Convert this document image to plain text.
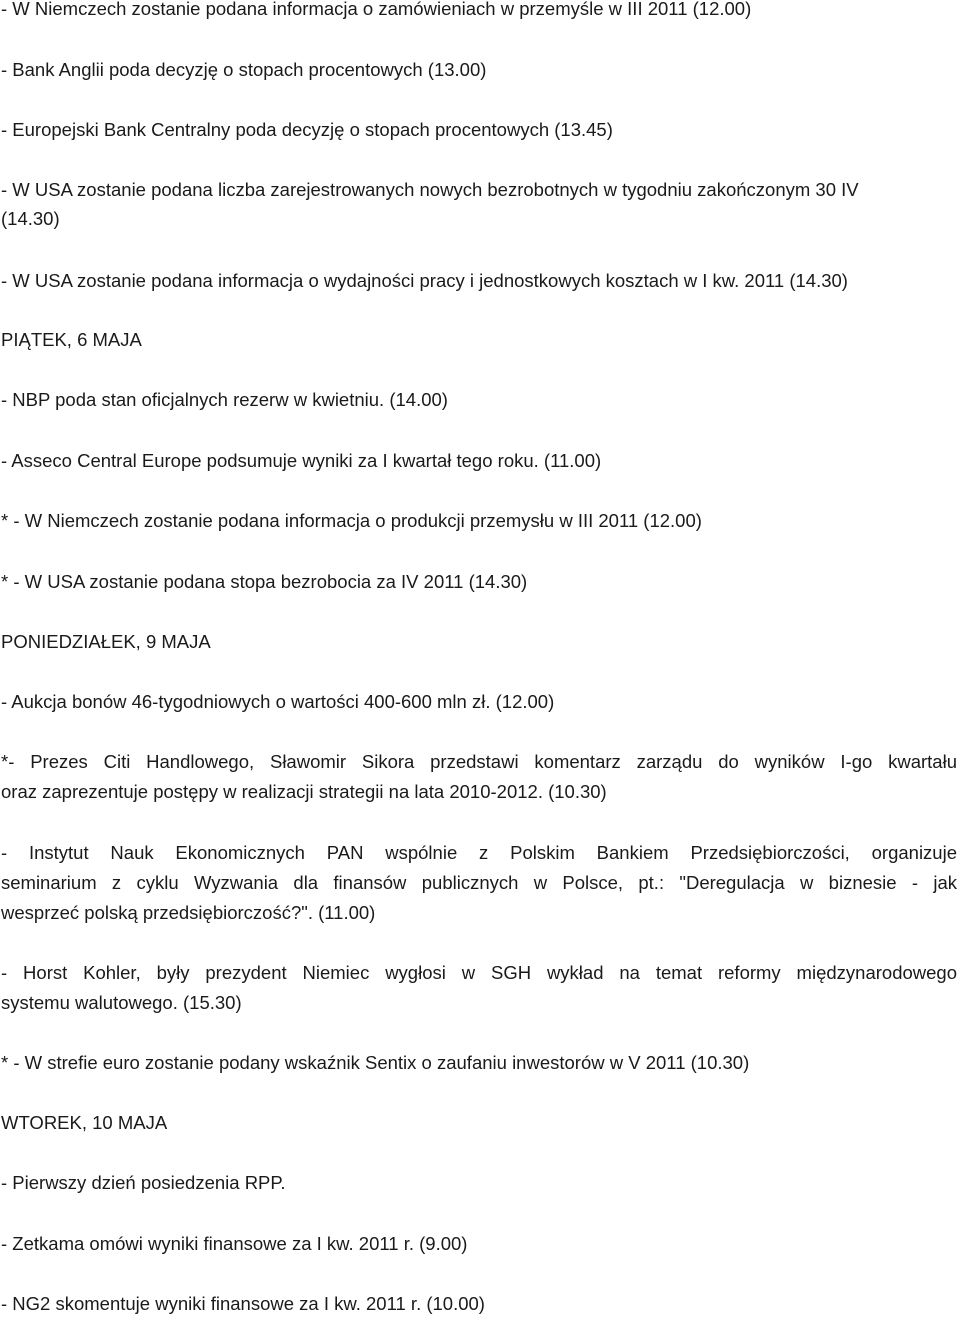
- W Niemczech zostanie podana informacja o zamówieniach w przemyśle w III 2011 (12.00)
- Bank Anglii poda decyzję o stopach procentowych (13.00)
- Europejski Bank Centralny poda decyzję o stopach procentowych (13.45)
- W USA zostanie podana liczba zarejestrowanych nowych bezrobotnych w tygodniu zakończonym 30 IV
(14.30)
- W USA zostanie podana informacja o wydajności pracy i jednostkowych kosztach w I kw. 2011 (14.30)
PIĄTEK, 6 MAJA
- NBP poda stan oficjalnych rezerw w kwietniu. (14.00)
- Asseco Central Europe podsumuje wyniki za I kwartał tego roku. (11.00)
* - W Niemczech zostanie podana informacja o produkcji przemysłu w III 2011 (12.00)
* - W USA zostanie podana stopa bezrobocia za IV 2011 (14.30)
PONIEDZIAŁEK, 9 MAJA
- Aukcja bonów 46-tygodniowych o wartości 400-600 mln zł. (12.00)
*- Prezes Citi Handlowego, Sławomir Sikora przedstawi komentarz zarządu do wyników I-go kwartału
oraz zaprezentuje postępy w realizacji strategii na lata 2010-2012. (10.30)
- Instytut Nauk Ekonomicznych PAN wspólnie z Polskim Bankiem Przedsiębiorczości, organizuje
seminarium z cyklu Wyzwania dla finansów publicznych w Polsce, pt.: "Deregulacja w biznesie - jak
wesprzeć polską przedsiębiorczość?". (11.00)
- Horst Kohler, były prezydent Niemiec wygłosi w SGH wykład na temat reformy międzynarodowego
systemu walutowego. (15.30)
* - W strefie euro zostanie podany wskaźnik Sentix o zaufaniu inwestorów w V 2011 (10.30)
WTOREK, 10 MAJA
- Pierwszy dzień posiedzenia RPP.
- Zetkama omówi wyniki finansowe za I kw. 2011 r. (9.00)
- NG2 skomentuje wyniki finansowe za I kw. 2011 r. (10.00)
